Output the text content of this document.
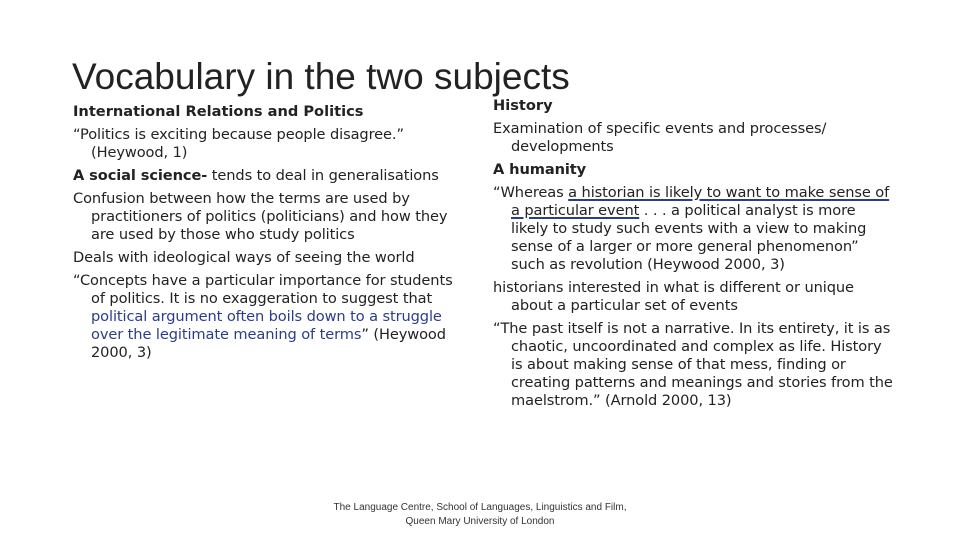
Vocabulary in the two subjects
International Relations and Politics

“Politics is exciting because people disagree.” (Heywood, 1)

A social science- tends to deal in generalisations

Confusion between how the terms are used by practitioners of politics (politicians) and how they are used by those who study politics

Deals with ideological ways of seeing the world

“Concepts have a particular importance for students of politics. It is no exaggeration to suggest that political argument often boils down to a struggle over the legitimate meaning of terms” (Heywood 2000, 3)

History

Examination of specific events and processes/ developments

A humanity

“Whereas a historian is likely to want to make sense of a particular event . . . a political analyst is more likely to study such events with a view to making sense of a larger or more general phenomenon” such as revolution (Heywood 2000, 3)

historians interested in what is different or unique about a particular set of events

“The past itself is not a narrative. In its entirety, it is as chaotic, uncoordinated and complex as life. History is about making sense of that mess, finding or creating patterns and meanings and stories from the maelstrom.” (Arnold 2000, 13)

The Language Centre, School of Languages, Linguistics and Film,
Queen Mary University of London
